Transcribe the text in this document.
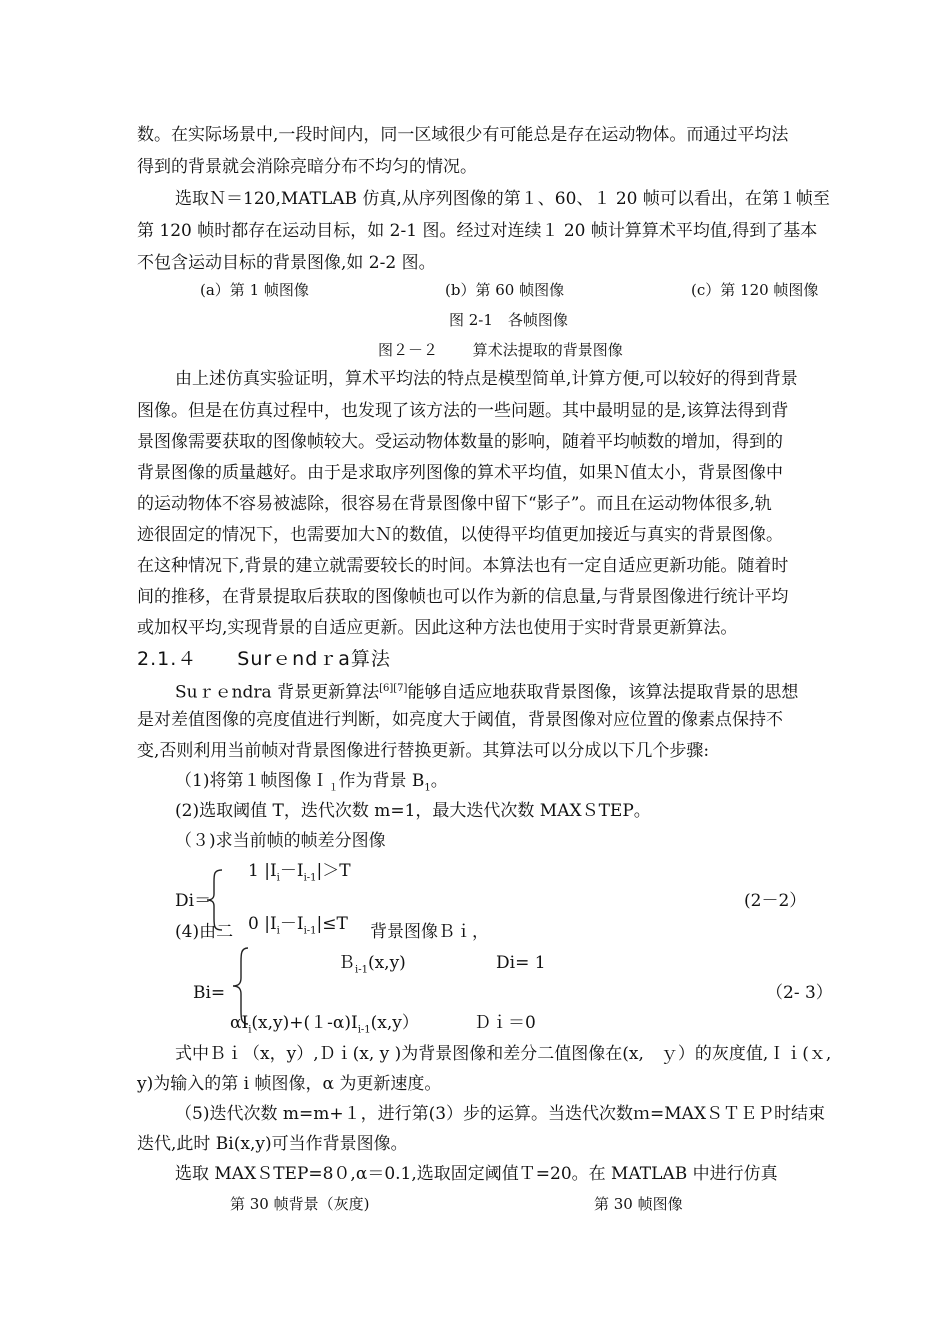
数。在实际场景中,一段时间内，同一区域很少有可能总是存在运动物体。而通过平均法
得到的背景就会消除亮暗分布不均匀的情况。
选取Ｎ＝120,MATLAB 仿真,从序列图像的第１、60、１ 20 帧可以看出，在第１帧至
第 120 帧时都存在运动目标，如 2-1 图。经过对连续１ 20 帧计算算术平均值,得到了基本
不包含运动目标的背景图像,如 2-2 图。
(a）第 1 帧图像	(b）第 60 帧图像	(c）第 120 帧图像
图 2-1　各帧图像
图２－２　　 算术法提取的背景图像
由上述仿真实验证明，算术平均法的特点是模型简单,计算方便,可以较好的得到背景
图像。但是在仿真过程中，也发现了该方法的一些问题。其中最明显的是,该算法得到背
景图像需要获取的图像帧较大。受运动物体数量的影响，随着平均帧数的增加，得到的
背景图像的质量越好。由于是求取序列图像的算术平均值，如果Ｎ值太小，背景图像中
的运动物体不容易被滤除，很容易在背景图像中留下“影子”。而且在运动物体很多,轨
迹很固定的情况下，也需要加大Ｎ的数值，以使得平均值更加接近与真实的背景图像。
在这种情况下,背景的建立就需要较长的时间。本算法也有一定自适应更新功能。随着时
间的推移，在背景提取后获取的图像帧也可以作为新的信息量,与背景图像进行统计平均
或加权平均,实现背景的自适应更新。因此这种方法也使用于实时背景更新算法。
2.1.４　　Surｅndｒa算法
Suｒｅndra 背景更新算法[6][7]能够自适应地获取背景图像，该算法提取背景的思想
是对差值图像的亮度值进行判断，如亮度大于阈值，背景图像对应位置的像素点保持不
变,否则利用当前帧对背景图像进行替换更新。其算法可以分成以下几个步骤:
（1)将第１帧图像Ｉ$_1$作为背景 $B_1$。
(2)选取阈值 T，迭代次数 m=1，最大迭代次数 MAXＳTEP。
（３)求当前帧的帧差分图像
1 $|I_i-I_{i-1}|>T$
Di＝	(2－2）
(4)由二 0 $|I_i-I_{i-1}|\le T$ 背景图像Ｂｉ，
Ｂ$_{i-1}$(x,y)	Di= 1
Bi=	（2- 3）
$\alpha I_i(x,y)+(1-\alpha)I_{i-1}(x,y)$	Ｄｉ＝0
式中Ｂｉ（x，y）,Ｄｉ(x, y )为背景图像和差分二值图像在(x,　ｙ）的灰度值,Ｉｉ(ｘ,
y)为输入的第 i 帧图像，α 为更新速度。
（5)迭代次数 m=m+１，进行第(3）步的运算。当迭代次数ｍ=MAXＳＴＥＰ时结束
迭代,此时 Bi(x,y)可当作背景图像。
选取 MAXＳTEP=8０,α＝0.1,选取固定阈值Ｔ=20。在 MATLAB 中进行仿真
第 30 帧背景（灰度)	第 30 帧图像
